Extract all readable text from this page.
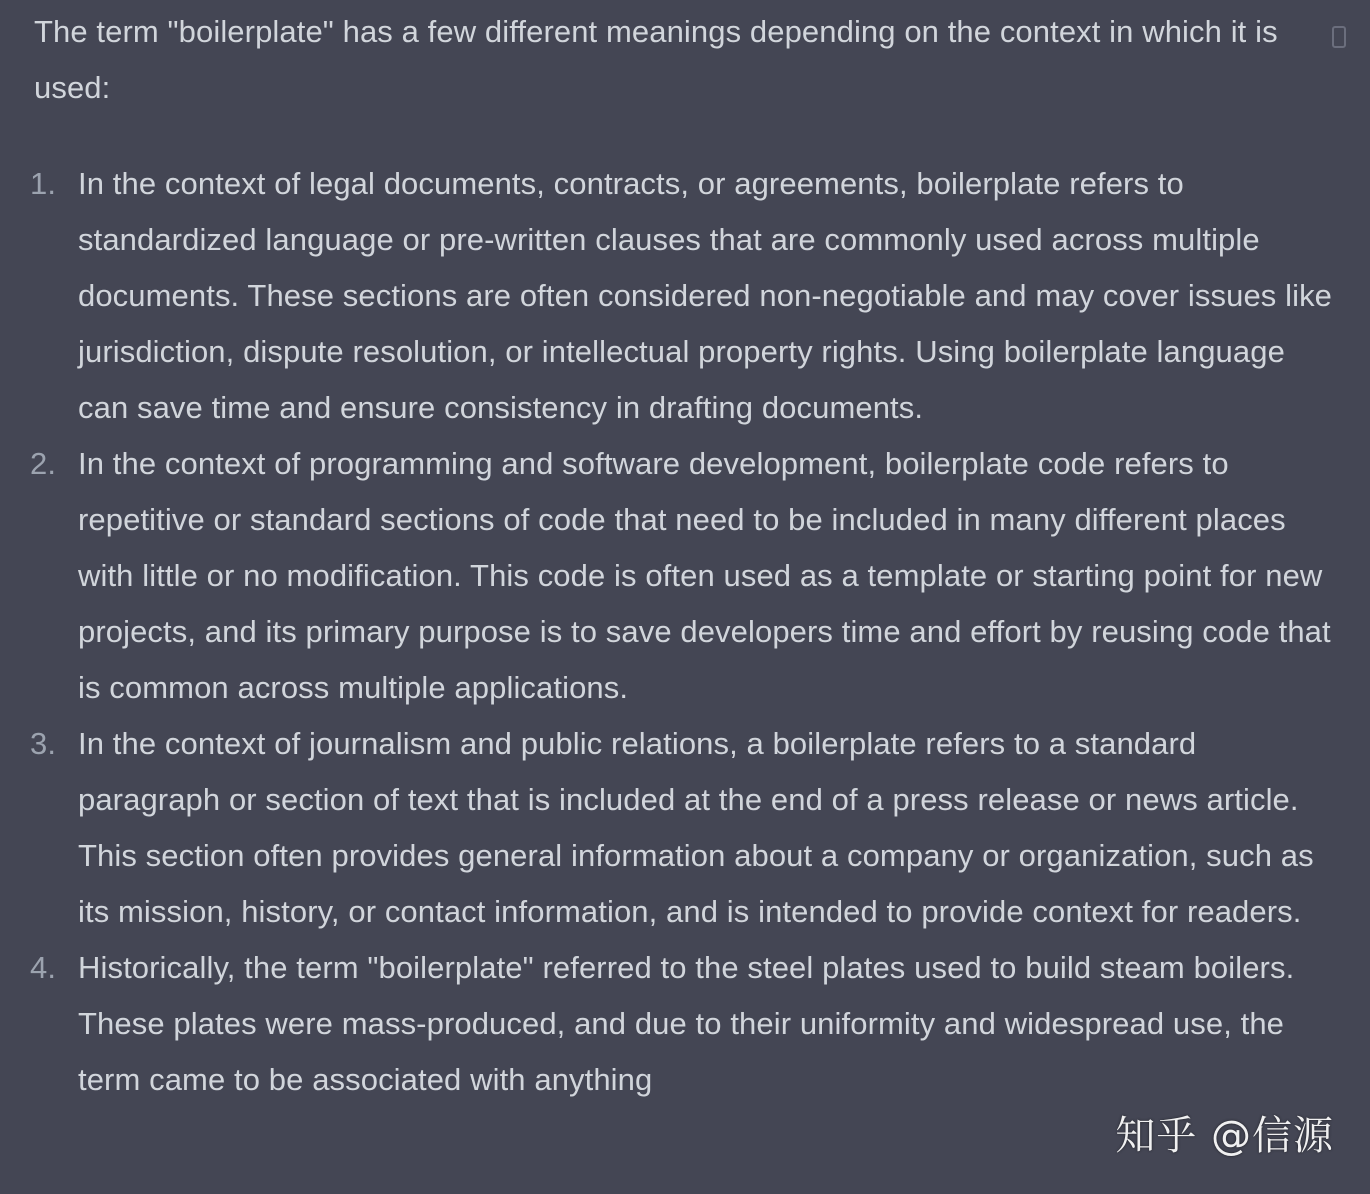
The term "boilerplate" has a few different meanings depending on the context in which it is used:

1. In the context of legal documents, contracts, or agreements, boilerplate refers to standardized language or pre-written clauses that are commonly used across multiple documents. These sections are often considered non-negotiable and may cover issues like jurisdiction, dispute resolution, or intellectual property rights. Using boilerplate language can save time and ensure consistency in drafting documents.
2. In the context of programming and software development, boilerplate code refers to repetitive or standard sections of code that need to be included in many different places with little or no modification. This code is often used as a template or starting point for new projects, and its primary purpose is to save developers time and effort by reusing code that is common across multiple applications.
3. In the context of journalism and public relations, a boilerplate refers to a standard paragraph or section of text that is included at the end of a press release or news article. This section often provides general information about a company or organization, such as its mission, history, or contact information, and is intended to provide context for readers.
4. Historically, the term "boilerplate" referred to the steel plates used to build steam boilers. These plates were mass-produced, and due to their uniformity and widespread use, the term came to be associated with anything
知乎 @信源
